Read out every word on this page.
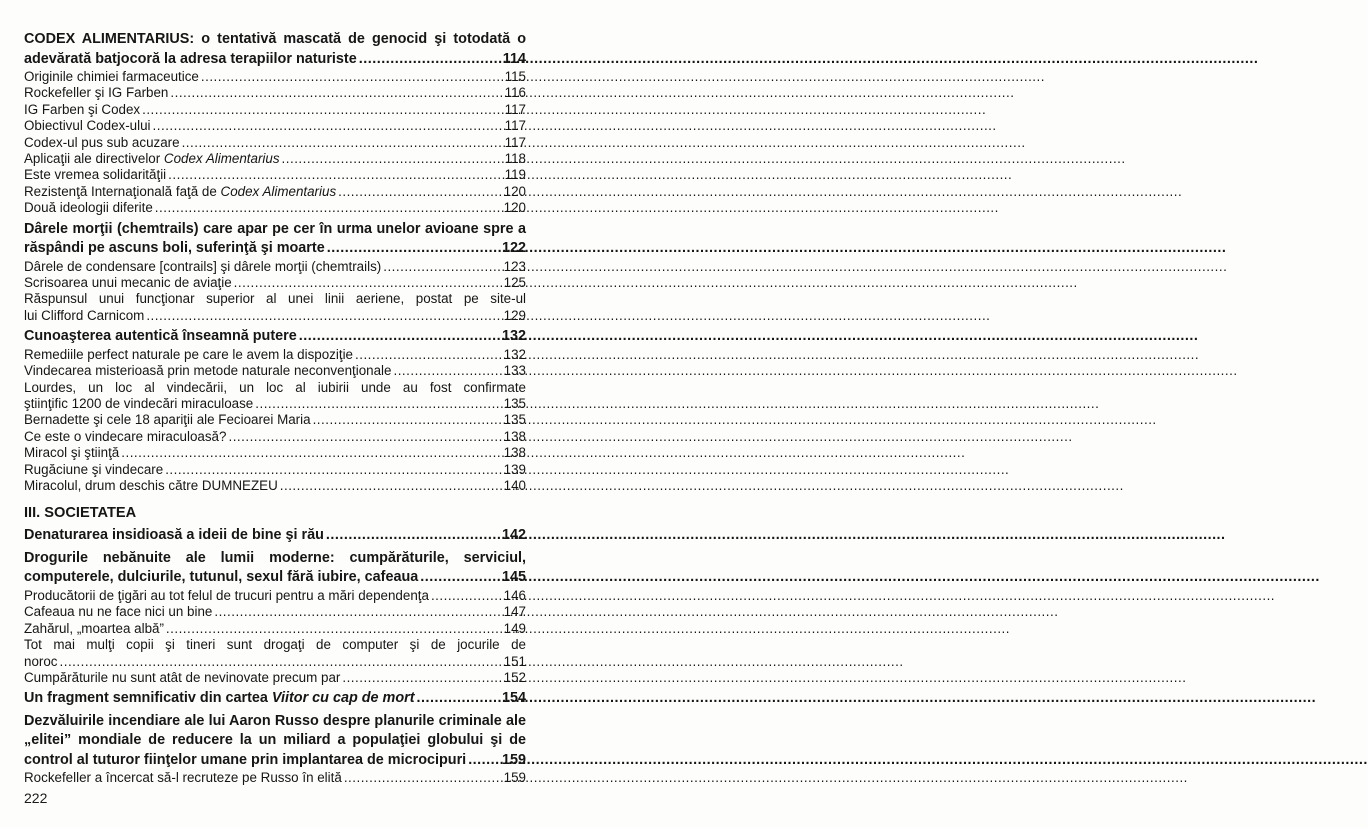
CODEX ALIMENTARIUS: o tentativă mascată de genocid şi totodată o
adevărată batjocoră la adresa terapiilor naturiste .....	114
Originile chimiei farmaceutice .....	115
Rockefeller şi IG Farben .....	116
IG Farben şi Codex .....	117
Obiectivul Codex-ului .....	117
Codex-ul pus sub acuzare .....	117
Aplicaţii ale directivelor Codex Alimentarius .....	118
Este vremea solidarităţii .....	119
Rezistenţă Internaţională faţă de Codex Alimentarius .....	120
Două ideologii diferite .....	120
Dârele morţii (chemtrails) care apar pe cer în urma unelor avioane spre a
răspândi pe ascuns boli, suferinţă şi moarte .....	122
Dârele de condensare [contrails] şi dârele morţii (chemtrails) .....	123
Scrisoarea unui mecanic de aviaţie .....	125
Răspunsul unui funcţionar superior al unei linii aeriene, postat pe site-ul
lui Clifford Carnicom .....	129
Cunoaşterea autentică înseamnă putere .....	132
Remediile perfect naturale pe care le avem la dispoziţie .....	132
Vindecarea misterioasă prin metode naturale neconvenţionale .....	133
Lourdes, un loc al vindecării, un loc al iubirii unde au fost confirmate
ştiinţific 1200 de vindecări miraculoase .....	135
Bernadette şi cele 18 apariţii ale Fecioarei Maria .....	135
Ce este o vindecare miraculoasă? .....	138
Miracol şi ştiinţă .....	138
Rugăciune şi vindecare .....	139
Miracolul, drum deschis către DUMNEZEU .....	140
III. SOCIETATEA
Denaturarea insidioasă a ideii de bine şi rău .....	142
Drogurile nebănuite ale lumii moderne: cumpărăturile, serviciul,
computerele, dulciurile, tutunul, sexul fără iubire, cafeaua .....	145
Producătorii de ţigări au tot felul de trucuri pentru a mări dependenţa .....	146
Cafeaua nu ne face nici un bine .....	147
Zahărul, „moartea albă” .....	149
Tot mai mulţi copii şi tineri sunt drogaţi de computer şi de jocurile de
noroc .....	151
Cumpărăturile nu sunt atât de nevinovate precum par .....	152
Un fragment semnificativ din cartea Viitor cu cap de mort .....	154
Dezvăluirile incendiare ale lui Aaron Russo despre planurile criminale ale
„elitei” mondiale de reducere la un miliard a populaţiei globului şi de
control al tuturor fiinţelor umane prin implantarea de microcipuri ..... 159
Rockefeller a încercat să-l recruteze pe Russo în elită .....	159
222
